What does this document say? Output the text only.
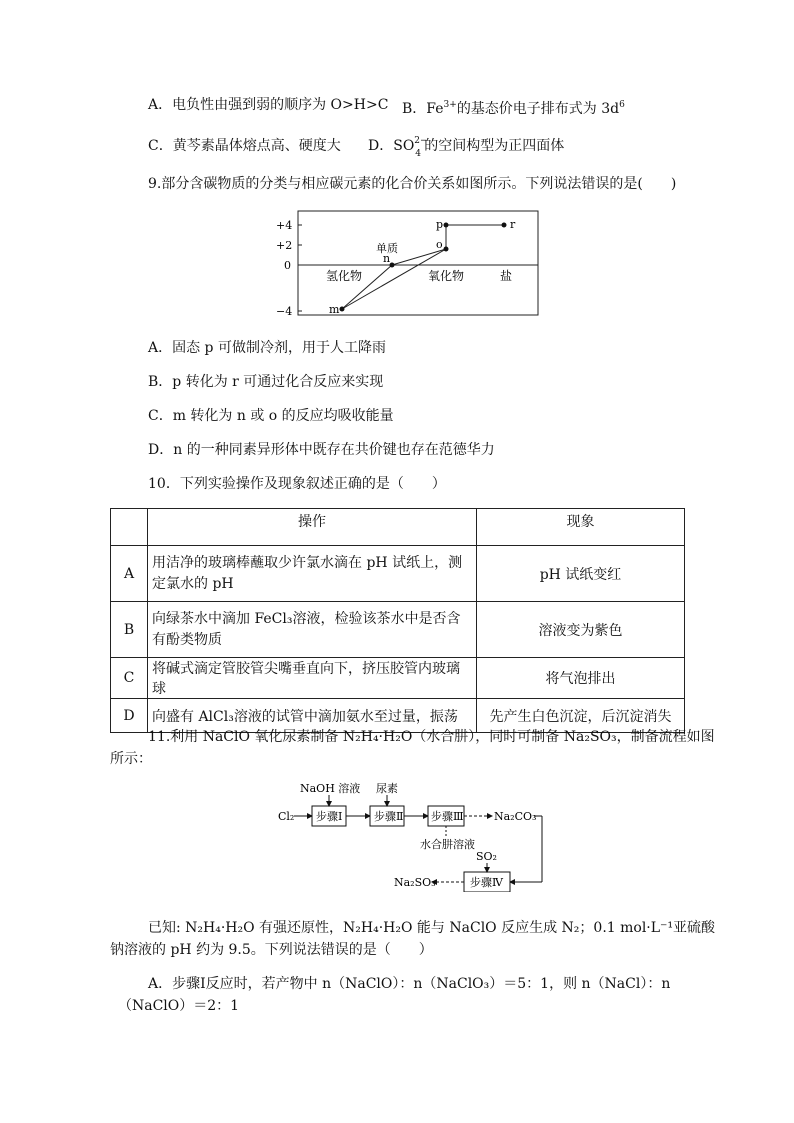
A．电负性由强到弱的顺序为 O>H>C B．$Fe^{3+}$的基态价电子排布式为 $3d^6$
C．黄芩素晶体熔点高、硬度大 D．SO 2−
4 的空间构型为正四面体
9.部分含碳物质的分类与相应碳元素的化合价关系如图所示。下列说法错误的是(　　)
+4
+2
0
−4
氢化物	氧化物	盐
单质
m
n
o
p	r
A．固态 p 可做制冷剂，用于人工降雨
B．p 转化为 r 可通过化合反应来实现
C．m 转化为 n 或 o 的反应均吸收能量
D．n 的一种同素异形体中既存在共价键也存在范德华力
10．下列实验操作及现象叙述正确的是（　　）
	操作	现象
A	用洁净的玻璃棒蘸取少许氯水滴在 pH 试纸上，测定氯水的 pH	pH 试纸变红
B	向绿茶水中滴加 FeCl₃溶液，检验该茶水中是否含有酚类物质	溶液变为紫色
C	将碱式滴定管胶管尖嘴垂直向下，挤压胶管内玻璃球	将气泡排出
D	向盛有 AlCl₃溶液的试管中滴加氨水至过量，振荡	先产生白色沉淀，后沉淀消失
11.利用 NaClO 氧化尿素制备 N₂H₄·H₂O（水合肼），同时可制备 Na₂SO₃，制备流程如图
所示：
Cl₂ 步骤Ⅰ
NaOH 溶液
步骤Ⅱ
尿素
步骤Ⅲ	Na₂CO₃
水合肼溶液
步骤Ⅳ
SO₂
Na₂SO₃
已知: N₂H₄·H₂O 有强还原性，N₂H₄·H₂O 能与 NaClO 反应生成 N₂；0.1 mol·L⁻¹亚硫酸
钠溶液的 pH 约为 9.5。下列说法错误的是（　　）
A．步骤Ⅰ反应时，若产物中 n（NaClO）：n（NaClO₃）＝5：1，则 n（NaCl）：n
（NaClO）＝2：1
